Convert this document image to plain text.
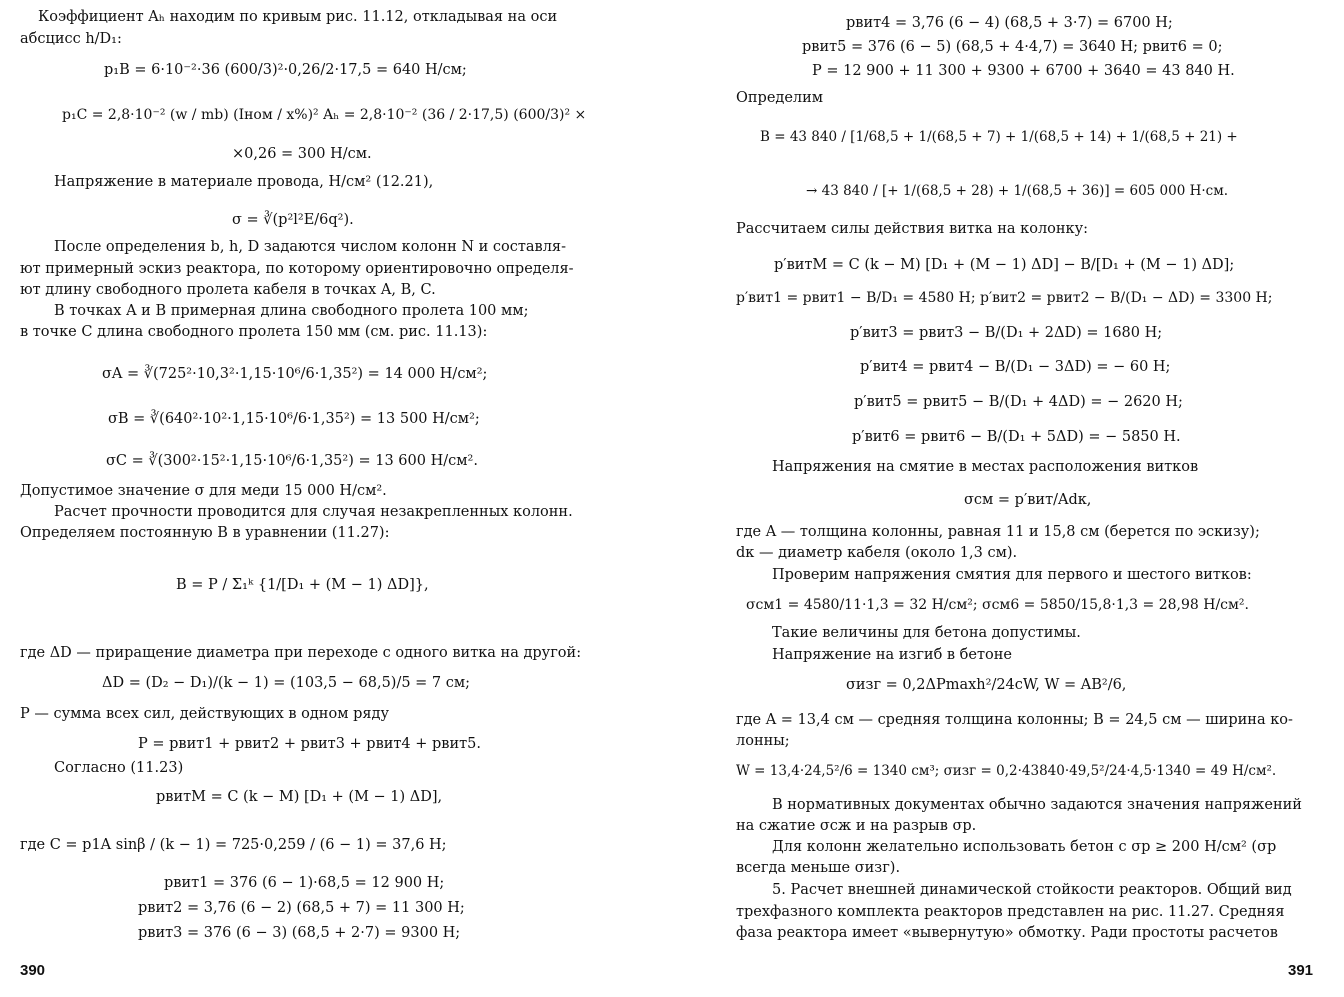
Коэффициент Aₕ находим по кривым рис. 11.12, откладывая на оси
абсцисс h/D₁:
p₁B = 6·10⁻²·36 (600/3)²·0,26/2·17,5 = 640 Н/см;
p₁C = 2,8·10⁻² (w / mb) (Iном / x%)² Aₕ = 2,8·10⁻² (36 / 2·17,5) (600/3)² ×
×0,26 = 300 Н/см.
Напряжение в материале провода, Н/см² (12.21),
σ = ∛(p²l²E/6q²).
После определения b, h, D задаются числом колонн N и составля-
ют примерный эскиз реактора, по которому ориентировочно определя-
ют длину свободного пролета кабеля в точках A, B, C.
В точках A и B примерная длина свободного пролета 100 мм;
в точке C длина свободного пролета 150 мм (см. рис. 11.13):
σA = ∛(725²·10,3²·1,15·10⁶/6·1,35²) = 14 000 Н/см²;
σB = ∛(640²·10²·1,15·10⁶/6·1,35²) = 13 500 Н/см²;
σC = ∛(300²·15²·1,15·10⁶/6·1,35²) = 13 600 Н/см².
Допустимое значение σ для меди 15 000 Н/см².
Расчет прочности проводится для случая незакрепленных колонн.
Определяем постоянную B в уравнении (11.27):
B = P / Σ₁ᵏ {1/[D₁ + (M − 1) ΔD]},
где ΔD — приращение диаметра при переходе с одного витка на другой:
ΔD = (D₂ − D₁)/(k − 1) = (103,5 − 68,5)/5 = 7 см;
P — сумма всех сил, действующих в одном ряду
P = pвит1 + pвит2 + pвит3 + pвит4 + pвит5.
Согласно (11.23)
pвитM = C (k − M) [D₁ + (M − 1) ΔD],
где C = p1A sinβ / (k − 1) = 725·0,259 / (6 − 1) = 37,6 Н;
pвит1 = 376 (6 − 1)·68,5 = 12 900 Н;
pвит2 = 3,76 (6 − 2) (68,5 + 7) = 11 300 Н;
pвит3 = 376 (6 − 3) (68,5 + 2·7) = 9300 Н;
390
pвит4 = 3,76 (6 − 4) (68,5 + 3·7) = 6700 Н;
pвит5 = 376 (6 − 5) (68,5 + 4·4,7) = 3640 Н; pвит6 = 0;
P = 12 900 + 11 300 + 9300 + 6700 + 3640 = 43 840 Н.
Определим
B = 43 840 / [1/68,5 + 1/(68,5 + 7) + 1/(68,5 + 14) + 1/(68,5 + 21) +
→ 43 840 / [+ 1/(68,5 + 28) + 1/(68,5 + 36)] = 605 000 Н·см.
Рассчитаем силы действия витка на колонку:
p′витM = C (k − M) [D₁ + (M − 1) ΔD] − B/[D₁ + (M − 1) ΔD];
p′вит1 = pвит1 − B/D₁ = 4580 Н; p′вит2 = pвит2 − B/(D₁ − ΔD) = 3300 Н;
p′вит3 = pвит3 − B/(D₁ + 2ΔD) = 1680 Н;
p′вит4 = pвит4 − B/(D₁ − 3ΔD) = − 60 Н;
p′вит5 = pвит5 − B/(D₁ + 4ΔD) = − 2620 Н;
p′вит6 = pвит6 − B/(D₁ + 5ΔD) = − 5850 Н.
Напряжения на смятие в местах расположения витков
σсм = p′вит/Adк,
где A — толщина колонны, равная 11 и 15,8 см (берется по эскизу);
dк — диаметр кабеля (около 1,3 см).
Проверим напряжения смятия для первого и шестого витков:
σсм1 = 4580/11·1,3 = 32 Н/см²; σсм6 = 5850/15,8·1,3 = 28,98 Н/см².
Такие величины для бетона допустимы.
Напряжение на изгиб в бетоне
σизг = 0,2ΔPmaxh²/24cW, W = AB²/6,
где A = 13,4 см — средняя толщина колонны; B = 24,5 см — ширина ко-
лонны;
W = 13,4·24,5²/6 = 1340 см³; σизг = 0,2·43840·49,5²/24·4,5·1340 = 49 Н/см².
В нормативных документах обычно задаются значения напряжений
на сжатие σсж и на разрыв σр.
Для колонн желательно использовать бетон с σр ≥ 200 Н/см² (σр
всегда меньше σизг).
5. Расчет внешней динамической стойкости реакторов. Общий вид
трехфазного комплекта реакторов представлен на рис. 11.27. Средняя
фаза реактора имеет «вывернутую» обмотку. Ради простоты расчетов
391
